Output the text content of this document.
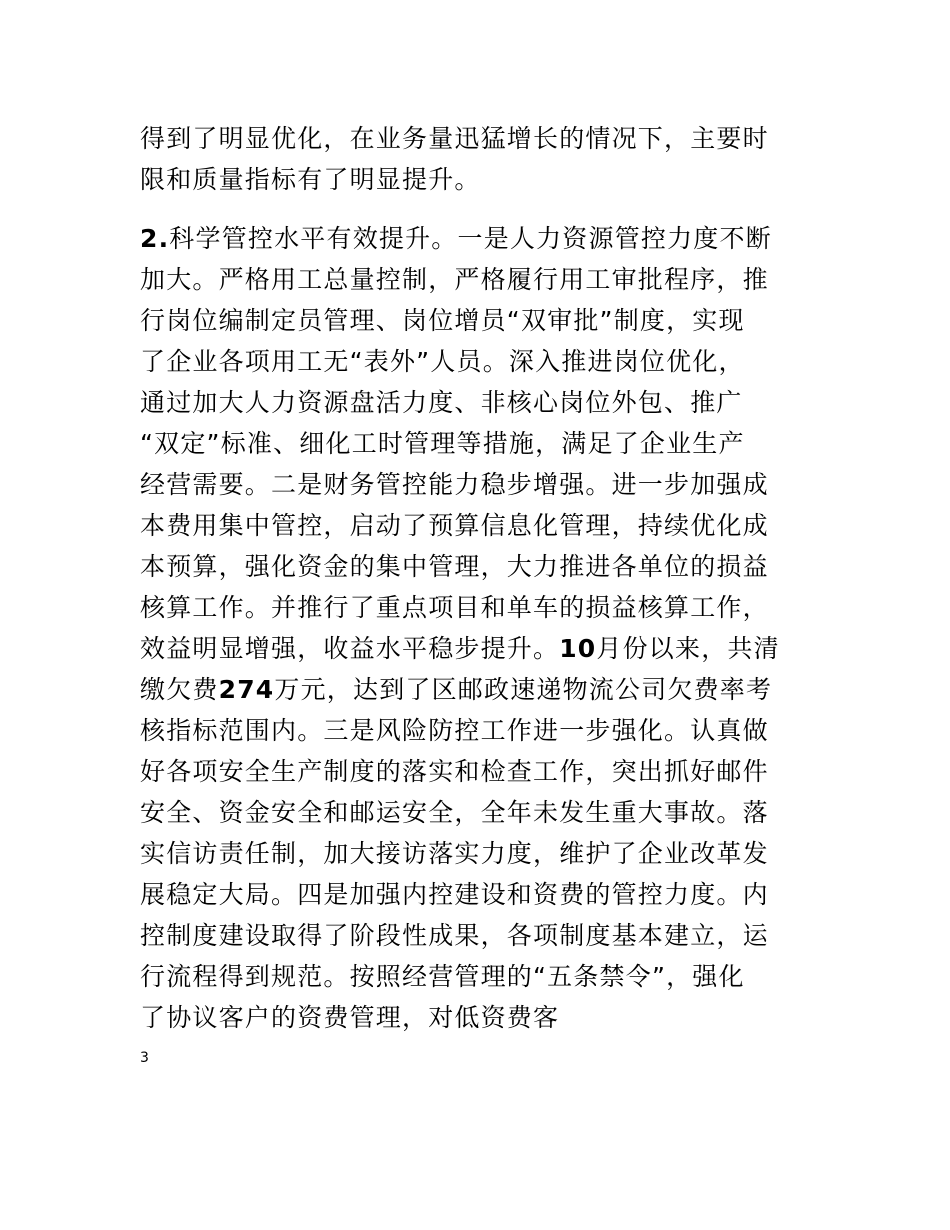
得到了明显优化，在业务量迅猛增长的情况下，主要时
限和质量指标有了明显提升。
2.科学管控水平有效提升。一是人力资源管控力度不断
加大。严格用工总量控制，严格履行用工审批程序，推
行岗位编制定员管理、岗位增员“双审批”制度，实现
了企业各项用工无“表外”人员。深入推进岗位优化，
通过加大人力资源盘活力度、非核心岗位外包、推广
“双定”标准、细化工时管理等措施，满足了企业生产
经营需要。二是财务管控能力稳步增强。进一步加强成
本费用集中管控，启动了预算信息化管理，持续优化成
本预算，强化资金的集中管理，大力推进各单位的损益
核算工作。并推行了重点项目和单车的损益核算工作，
效益明显增强，收益水平稳步提升。10月份以来，共清
缴欠费274万元，达到了区邮政速递物流公司欠费率考
核指标范围内。三是风险防控工作进一步强化。认真做
好各项安全生产制度的落实和检查工作，突出抓好邮件
安全、资金安全和邮运安全，全年未发生重大事故。落
实信访责任制，加大接访落实力度，维护了企业改革发
展稳定大局。四是加强内控建设和资费的管控力度。内
控制度建设取得了阶段性成果，各项制度基本建立，运
行流程得到规范。按照经营管理的“五条禁令”，强化
了协议客户的资费管理，对低资费客
3
